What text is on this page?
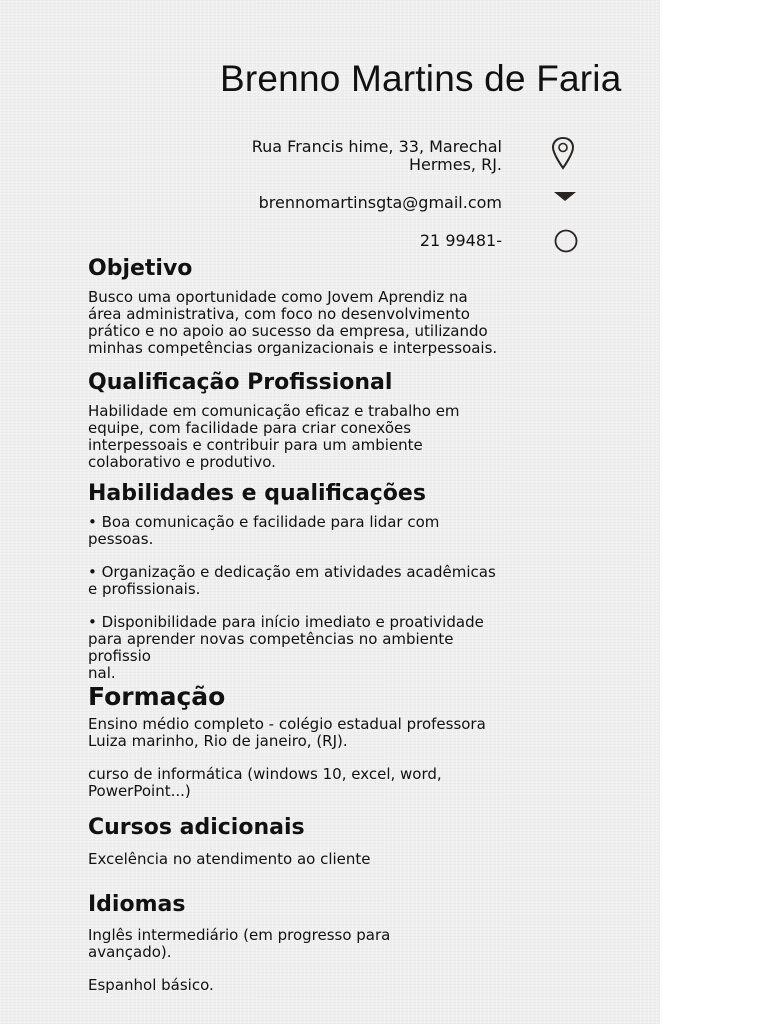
Brenno Martins de Faria
Rua Francis hime, 33, Marechal
Hermes, RJ.
brennomartinsgta@gmail.com
21 99481-
Objetivo
Busco uma oportunidade como Jovem Aprendiz na
área administrativa, com foco no desenvolvimento
prático e no apoio ao sucesso da empresa, utilizando
minhas competências organizacionais e interpessoais.
Qualificação Profissional
Habilidade em comunicação eficaz e trabalho em
equipe, com facilidade para criar conexões
interpessoais e contribuir para um ambiente
colaborativo e produtivo.
Habilidades e qualificações
• Boa comunicação e facilidade para lidar com
pessoas.
• Organização e dedicação em atividades acadêmicas
e profissionais.
• Disponibilidade para início imediato e proatividade
para aprender novas competências no ambiente
profissio
nal.
Formação
Ensino médio completo - colégio estadual professora
Luiza marinho, Rio de janeiro, (RJ).
curso de informática (windows 10, excel, word,
PowerPoint...)
Cursos adicionais
Excelência no atendimento ao cliente
Idiomas
Inglês intermediário (em progresso para
avançado).
Espanhol básico.
